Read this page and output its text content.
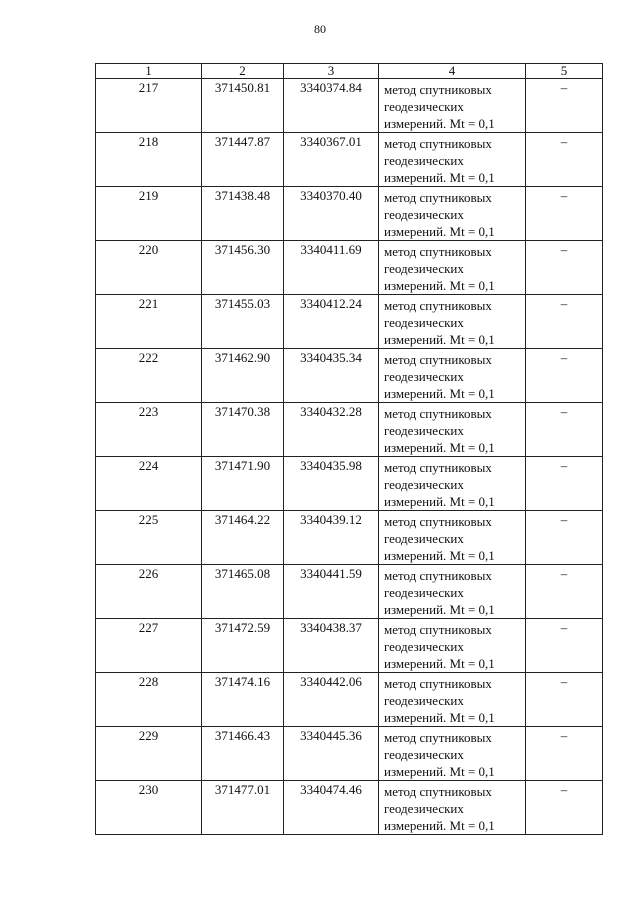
80
1	2	3	4	5
217	371450.81	3340374.84	метод спутниковых
геодезических
измерений. Mt = 0,1	–
218	371447.87	3340367.01	метод спутниковых
геодезических
измерений. Mt = 0,1	–
219	371438.48	3340370.40	метод спутниковых
геодезических
измерений. Mt = 0,1	–
220	371456.30	3340411.69	метод спутниковых
геодезических
измерений. Mt = 0,1	–
221	371455.03	3340412.24	метод спутниковых
геодезических
измерений. Mt = 0,1	–
222	371462.90	3340435.34	метод спутниковых
геодезических
измерений. Mt = 0,1	–
223	371470.38	3340432.28	метод спутниковых
геодезических
измерений. Mt = 0,1	–
224	371471.90	3340435.98	метод спутниковых
геодезических
измерений. Mt = 0,1	–
225	371464.22	3340439.12	метод спутниковых
геодезических
измерений. Mt = 0,1	–
226	371465.08	3340441.59	метод спутниковых
геодезических
измерений. Mt = 0,1	–
227	371472.59	3340438.37	метод спутниковых
геодезических
измерений. Mt = 0,1	–
228	371474.16	3340442.06	метод спутниковых
геодезических
измерений. Mt = 0,1	–
229	371466.43	3340445.36	метод спутниковых
геодезических
измерений. Mt = 0,1	–
230	371477.01	3340474.46	метод спутниковых
геодезических
измерений. Mt = 0,1	–
